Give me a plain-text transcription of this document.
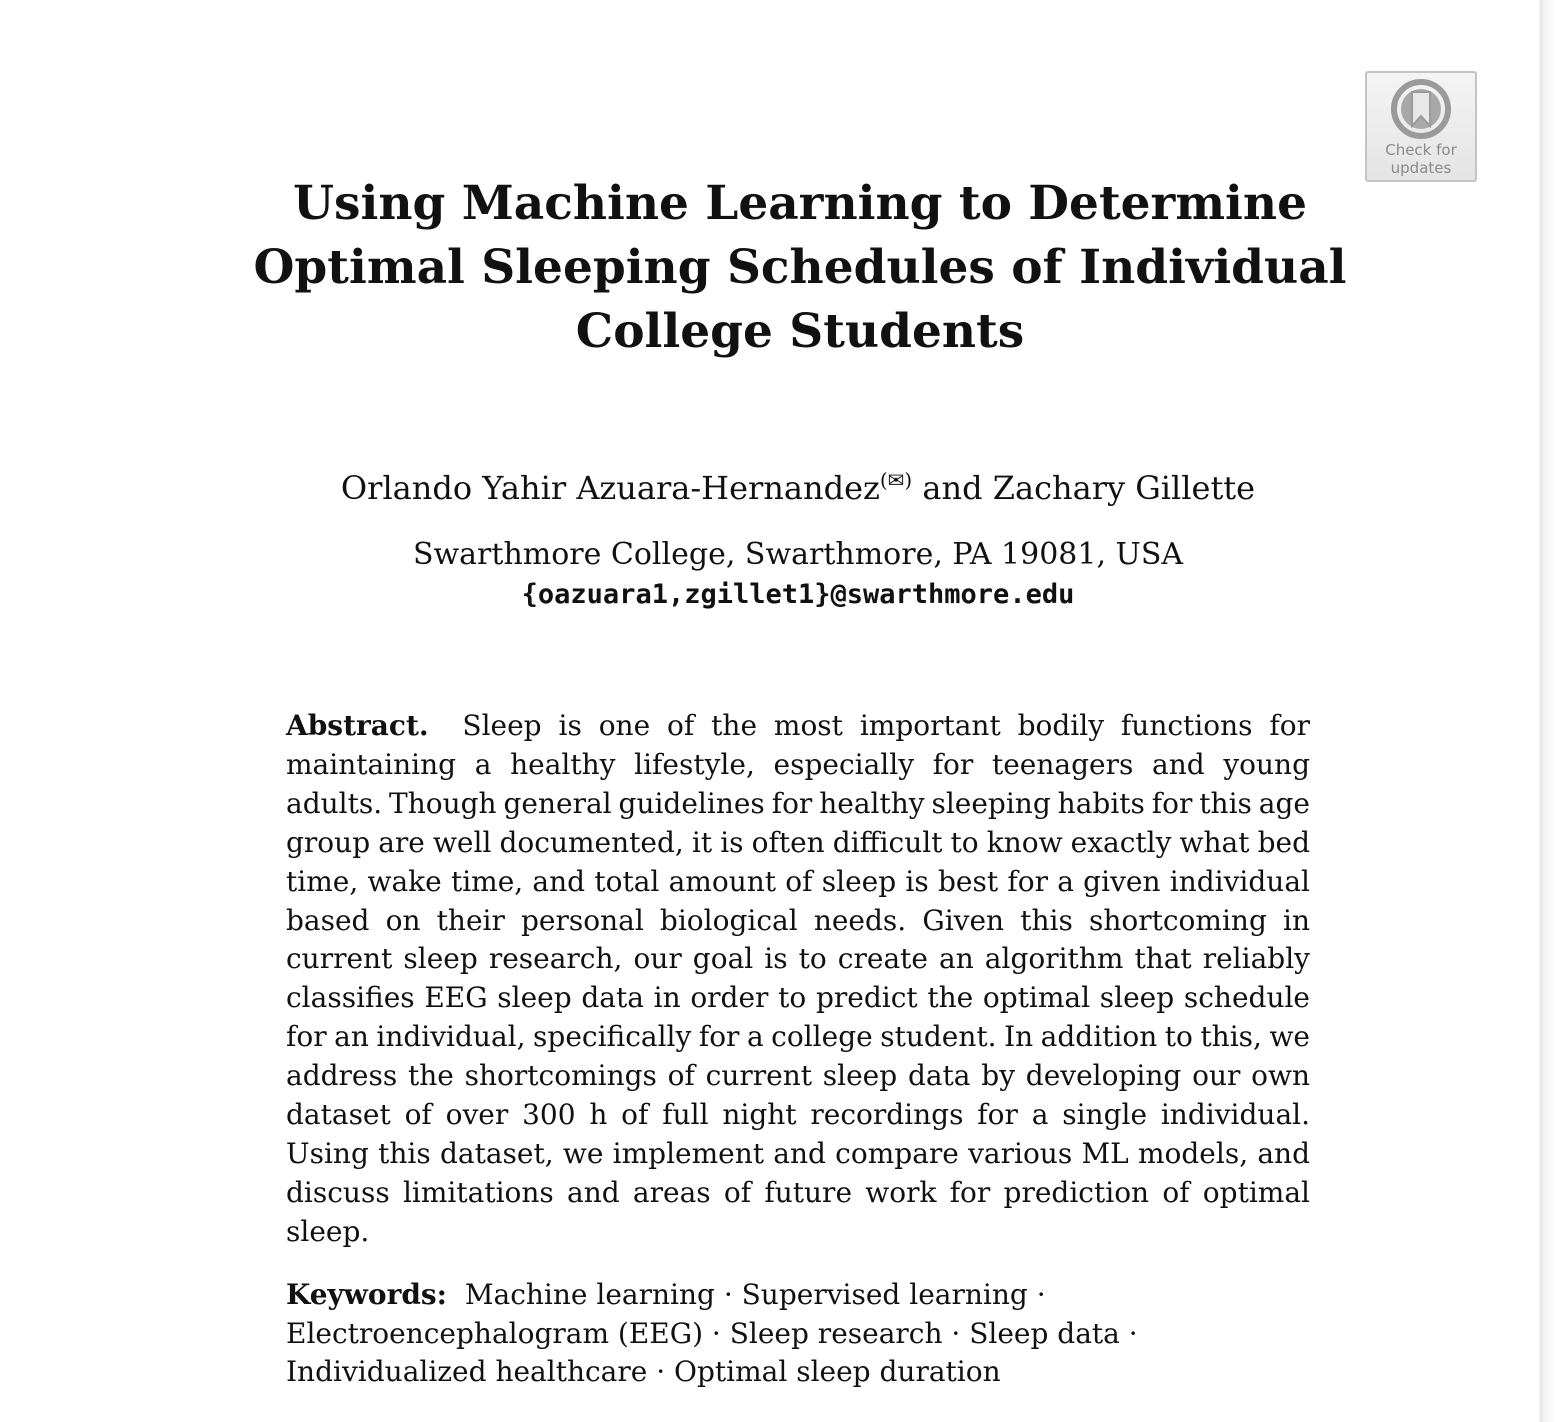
Check for
updates
Using Machine Learning to Determine
Optimal Sleeping Schedules of Individual
College Students
Orlando Yahir Azuara-Hernandez(✉) and Zachary Gillette
Swarthmore College, Swarthmore, PA 19081, USA
{oazuara1,zgillet1}@swarthmore.edu

Abstract. Sleep is one of the most important bodily functions for maintaining a healthy lifestyle, especially for teenagers and young adults. Though general guidelines for healthy sleeping habits for this age group are well documented, it is often difficult to know exactly what bed time, wake time, and total amount of sleep is best for a given individual based on their personal biological needs. Given this shortcoming in current sleep research, our goal is to create an algorithm that reliably classifies EEG sleep data in order to predict the optimal sleep schedule for an individual, specifically for a college student. In addition to this, we address the shortcomings of current sleep data by developing our own dataset of over 300 h of full night recordings for a single individual. Using this dataset, we implement and compare various ML models, and discuss limitations and areas of future work for prediction of optimal sleep.

Keywords: Machine learning · Supervised learning ·
Electroencephalogram (EEG) · Sleep research · Sleep data ·
Individualized healthcare · Optimal sleep duration
